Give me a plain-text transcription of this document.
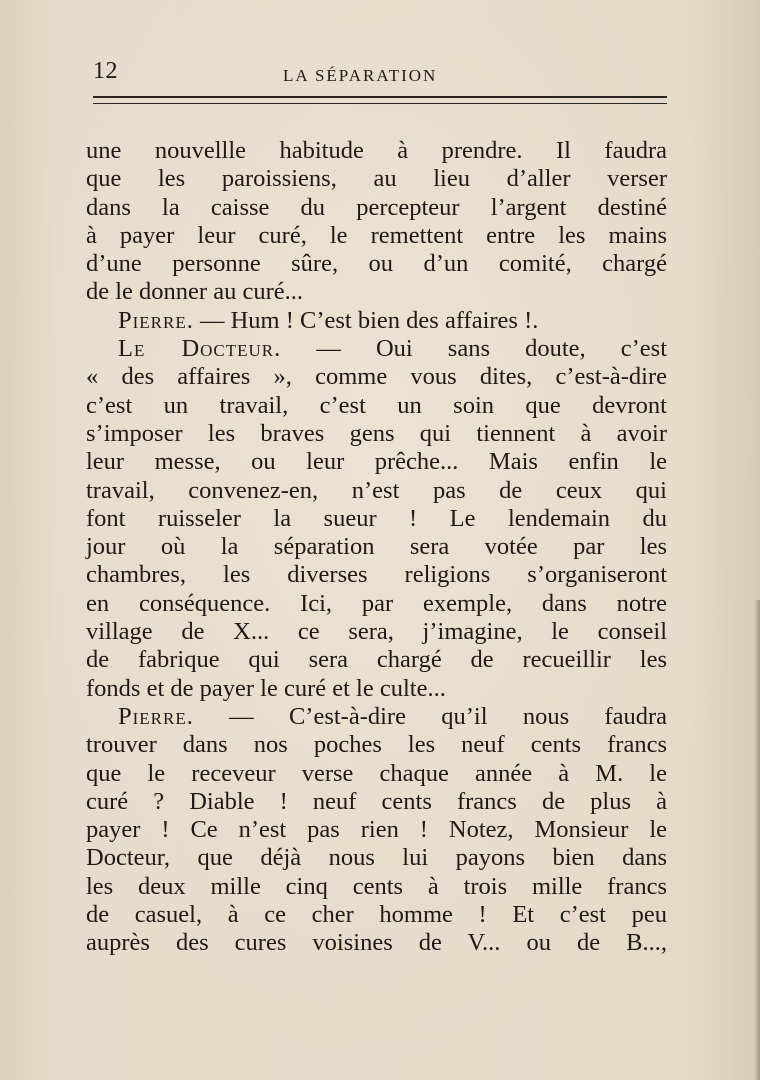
12	LA SÉPARATION
une nouvellle habitude à prendre. Il faudra
que les paroissiens, au lieu d’aller verser
dans la caisse du percepteur l’argent destiné
à payer leur curé, le remettent entre les mains
d’une personne sûre, ou d’un comité, chargé
de le donner au curé...
Pierre. — Hum ! C’est bien des affaires !.
Le Docteur. — Oui sans doute, c’est
« des affaires », comme vous dites, c’est-à-dire
c’est un travail, c’est un soin que devront
s’imposer les braves gens qui tiennent à avoir
leur messe, ou leur prêche... Mais enfin le
travail, convenez-en, n’est pas de ceux qui
font ruisseler la sueur ! Le lendemain du
jour où la séparation sera votée par les
chambres, les diverses religions s’organiseront
en conséquence. Ici, par exemple, dans notre
village de X... ce sera, j’imagine, le conseil
de fabrique qui sera chargé de recueillir les
fonds et de payer le curé et le culte...
Pierre. — C’est-à-dire qu’il nous faudra
trouver dans nos poches les neuf cents francs
que le receveur verse chaque année à M. le
curé ? Diable ! neuf cents francs de plus à
payer ! Ce n’est pas rien ! Notez, Monsieur le
Docteur, que déjà nous lui payons bien dans
les deux mille cinq cents à trois mille francs
de casuel, à ce cher homme ! Et c’est peu
auprès des cures voisines de V... ou de B...,
